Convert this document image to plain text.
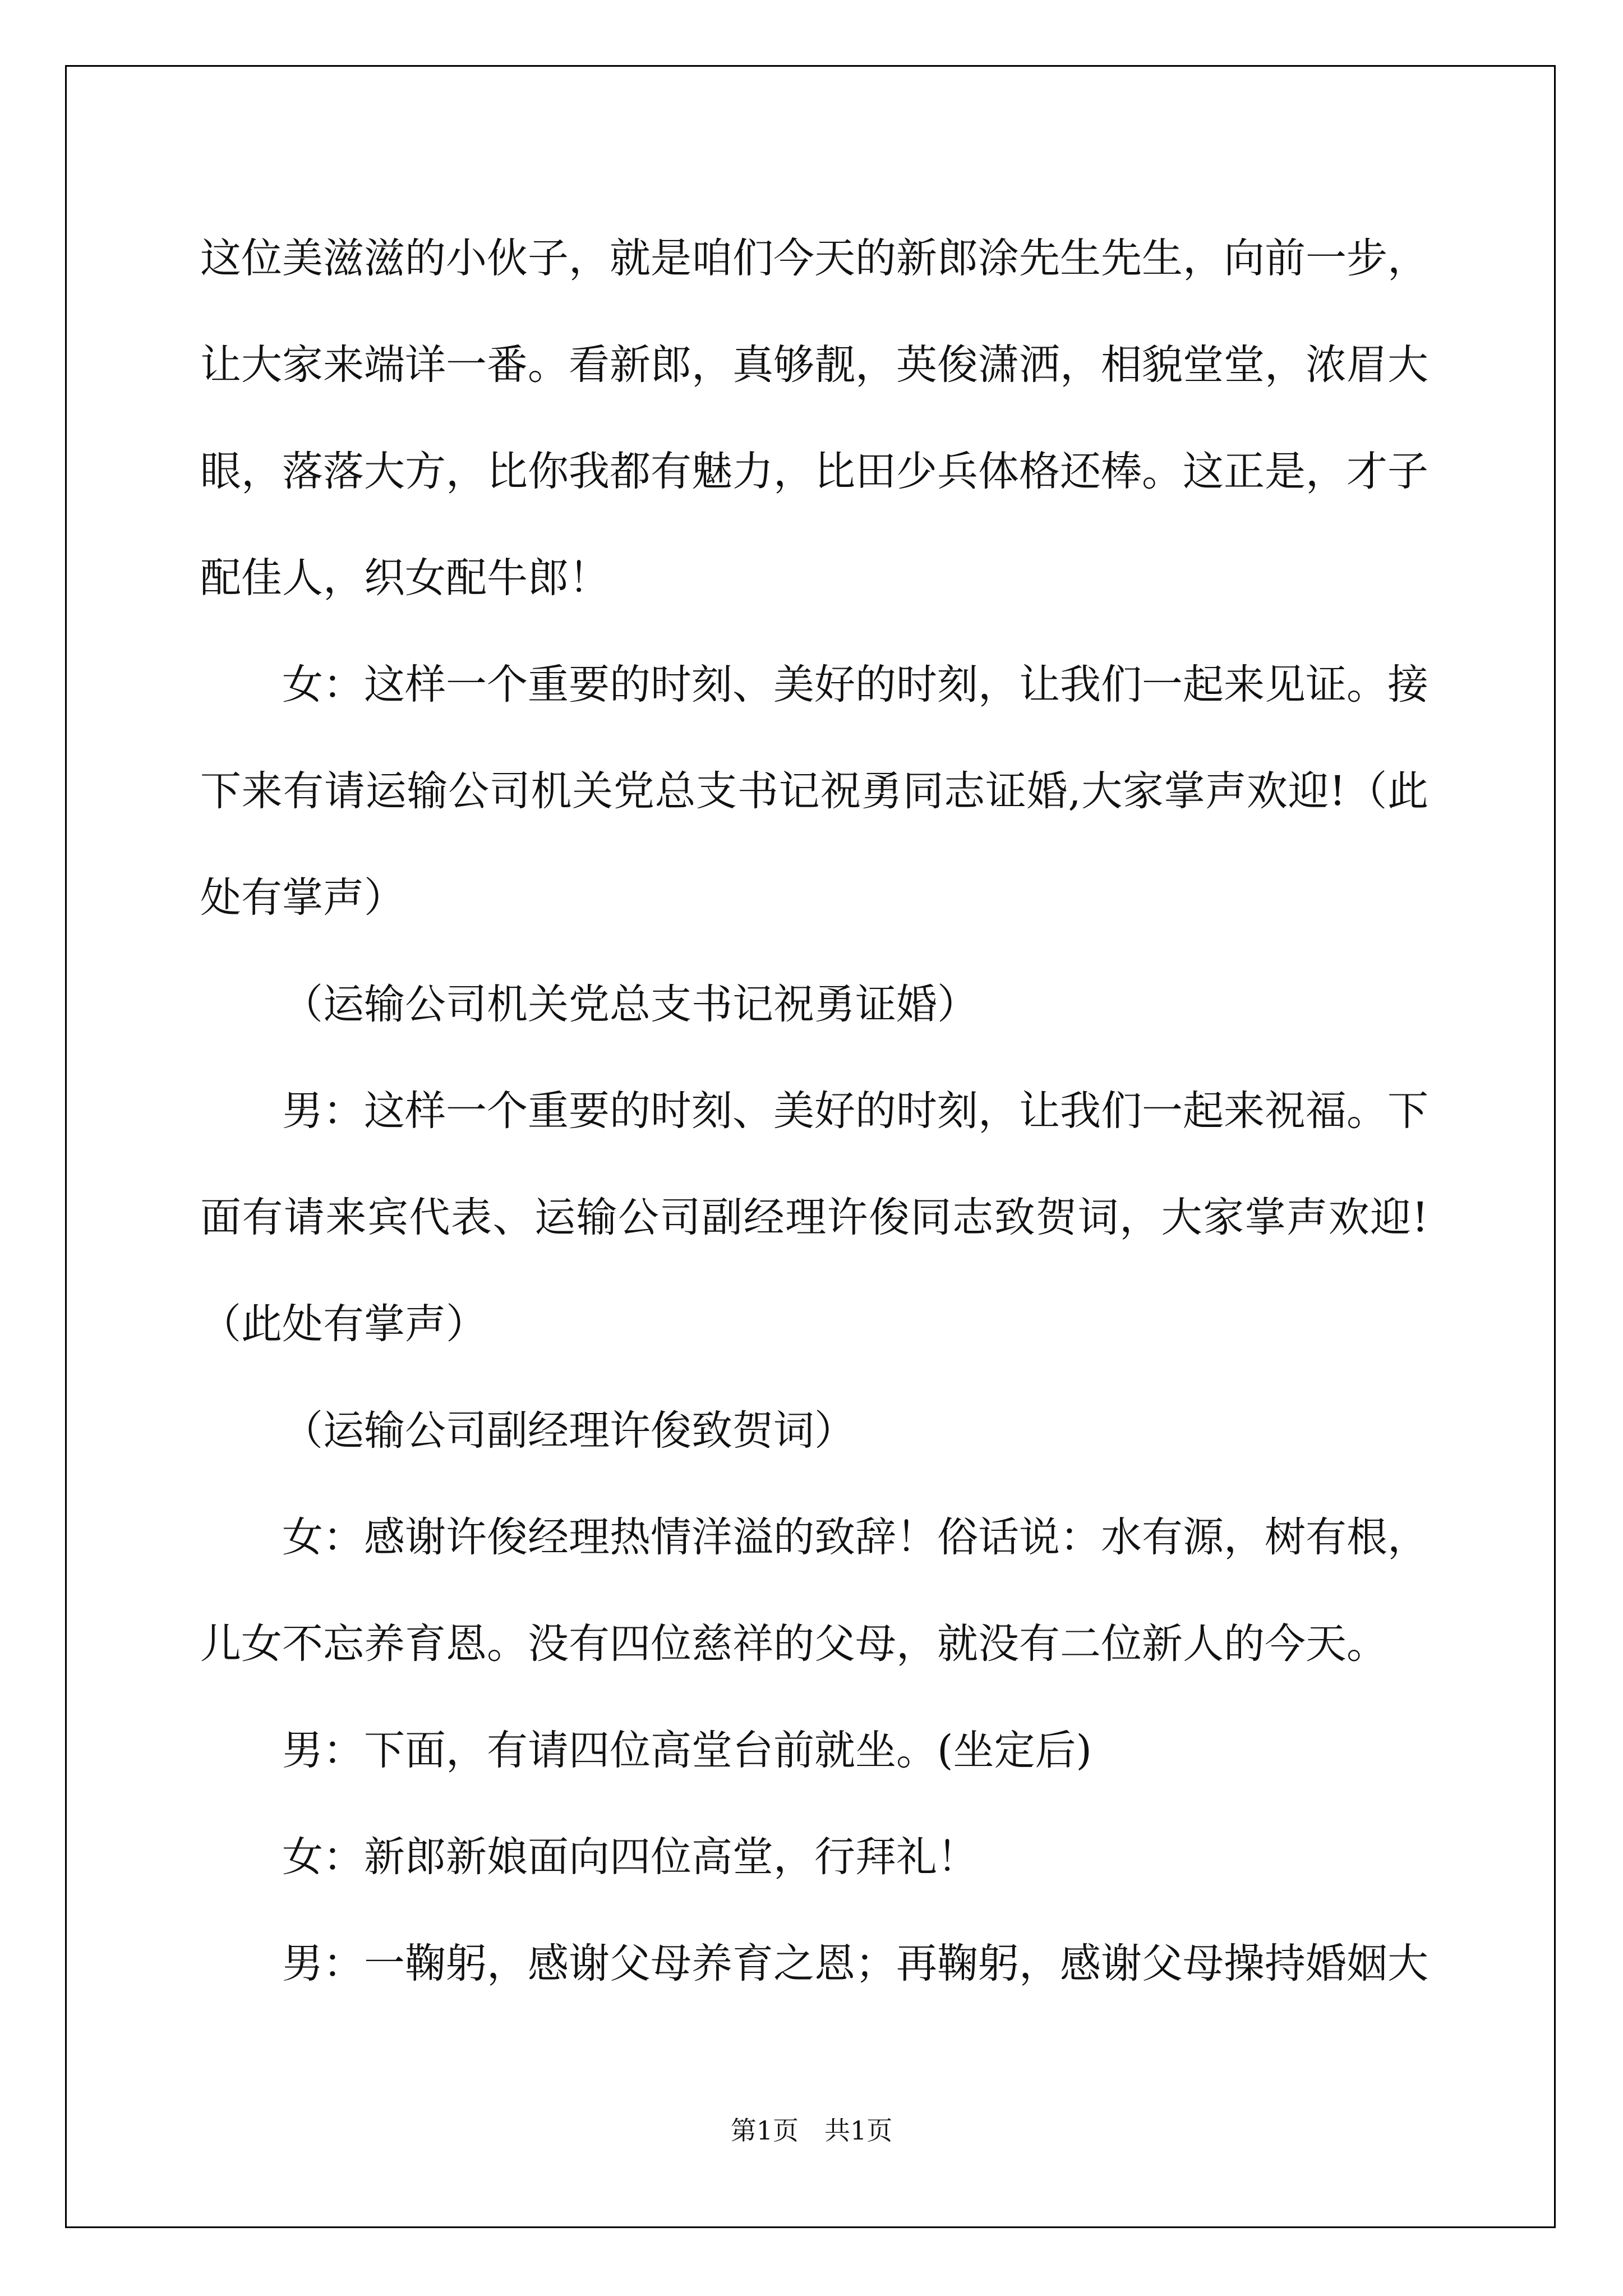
这位美滋滋的小伙子，就是咱们今天的新郎涂先生先生，向前一步，让大家来端详一番。看新郎，真够靓，英俊潇洒，相貌堂堂，浓眉大眼，落落大方，比你我都有魅力，比田少兵体格还棒。这正是，才子配佳人，织女配牛郎！

女：这样一个重要的时刻、美好的时刻，让我们一起来见证。接下来有请运输公司机关党总支书记祝勇同志证婚,大家掌声欢迎!（此处有掌声）

（运输公司机关党总支书记祝勇证婚）

男：这样一个重要的时刻、美好的时刻，让我们一起来祝福。下面有请来宾代表、运输公司副经理许俊同志致贺词，大家掌声欢迎!（此处有掌声）

（运输公司副经理许俊致贺词）

女：感谢许俊经理热情洋溢的致辞！俗话说：水有源，树有根，儿女不忘养育恩。没有四位慈祥的父母，就没有二位新人的今天。

男：下面，有请四位高堂台前就坐。(坐定后)

女：新郎新娘面向四位高堂，行拜礼！

男：一鞠躬，感谢父母养育之恩；再鞠躬，感谢父母操持婚姻大

第1页　共1页
